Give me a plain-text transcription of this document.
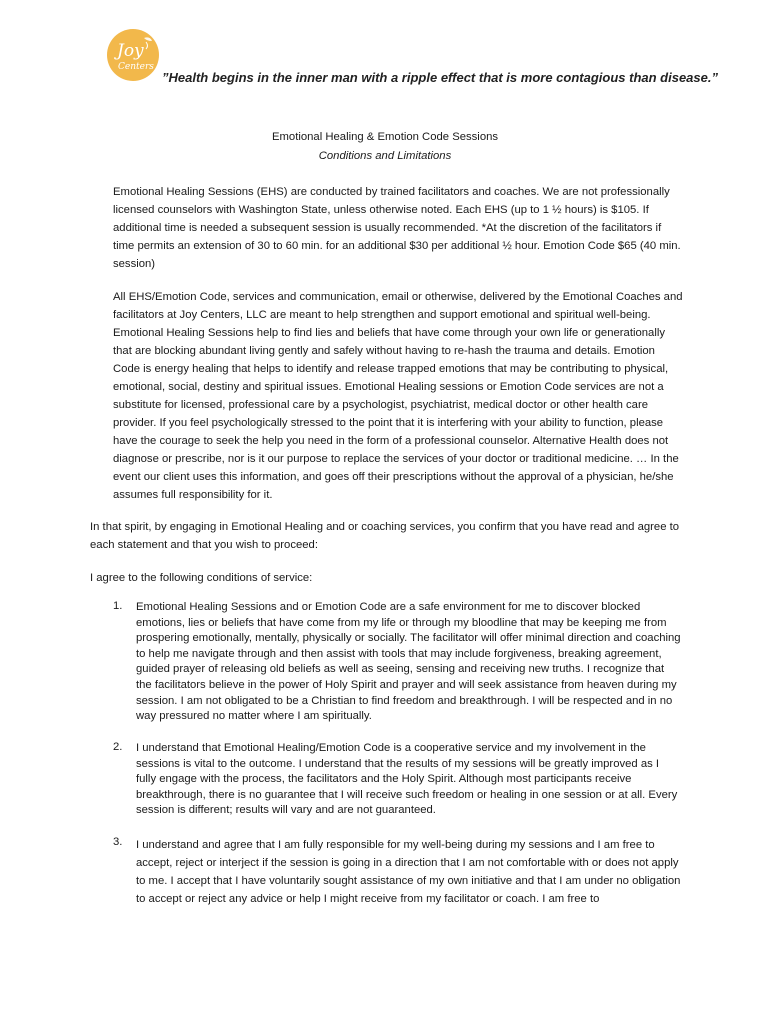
Joy
Centers
”Health begins in the inner man with a ripple effect that is more contagious than disease.”
Emotional Healing & Emotion Code Sessions
Conditions and Limitations

Emotional Healing Sessions (EHS) are conducted by trained facilitators and coaches. We are not professionally licensed counselors with Washington State, unless otherwise noted. Each EHS (up to 1 ½ hours) is $105. If additional time is needed a subsequent session is usually recommended. *At the discretion of the facilitators if time permits an extension of 30 to 60 min. for an additional $30 per additional ½ hour. Emotion Code $65 (40 min. session)

All EHS/Emotion Code, services and communication, email or otherwise, delivered by the Emotional Coaches and facilitators at Joy Centers, LLC are meant to help strengthen and support emotional and spiritual well-being. Emotional Healing Sessions help to find lies and beliefs that have come through your own life or generationally that are blocking abundant living gently and safely without having to re-hash the trauma and details. Emotion Code is energy healing that helps to identify and release trapped emotions that may be contributing to physical, emotional, social, destiny and spiritual issues. Emotional Healing sessions or Emotion Code services are not a substitute for licensed, professional care by a psychologist, psychiatrist, medical doctor or other health care provider. If you feel psychologically stressed to the point that it is interfering with your ability to function, please have the courage to seek the help you need in the form of a professional counselor. Alternative Health does not diagnose or prescribe, nor is it our purpose to replace the services of your doctor or traditional medicine. … In the event our client uses this information, and goes off their prescriptions without the approval of a physician, he/she assumes full responsibility for it.

In that spirit, by engaging in Emotional Healing and or coaching services, you confirm that you have read and agree to each statement and that you wish to proceed:

I agree to the following conditions of service:

1.	Emotional Healing Sessions and or Emotion Code are a safe environment for me to discover blocked emotions, lies or beliefs that have come from my life or through my bloodline that may be keeping me from prospering emotionally, mentally, physically or socially. The facilitator will offer minimal direction and coaching to help me navigate through and then assist with tools that may include forgiveness, breaking agreement, guided prayer of releasing old beliefs as well as seeing, sensing and receiving new truths. I recognize that the facilitators believe in the power of Holy Spirit and prayer and will seek assistance from heaven during my session. I am not obligated to be a Christian to find freedom and breakthrough. I will be respected and in no way pressured no matter where I am spiritually.

2.	I understand that Emotional Healing/Emotion Code is a cooperative service and my involvement in the sessions is vital to the outcome. I understand that the results of my sessions will be greatly improved as I fully engage with the process, the facilitators and the Holy Spirit. Although most participants receive breakthrough, there is no guarantee that I will receive such freedom or healing in one session or at all. Every session is different; results will vary and are not guaranteed.

3.	I understand and agree that I am fully responsible for my well-being during my sessions and I am free to accept, reject or interject if the session is going in a direction that I am not comfortable with or does not apply to me. I accept that I have voluntarily sought assistance of my own initiative and that I am under no obligation to accept or reject any advice or help I might receive from my facilitator or coach. I am free to
